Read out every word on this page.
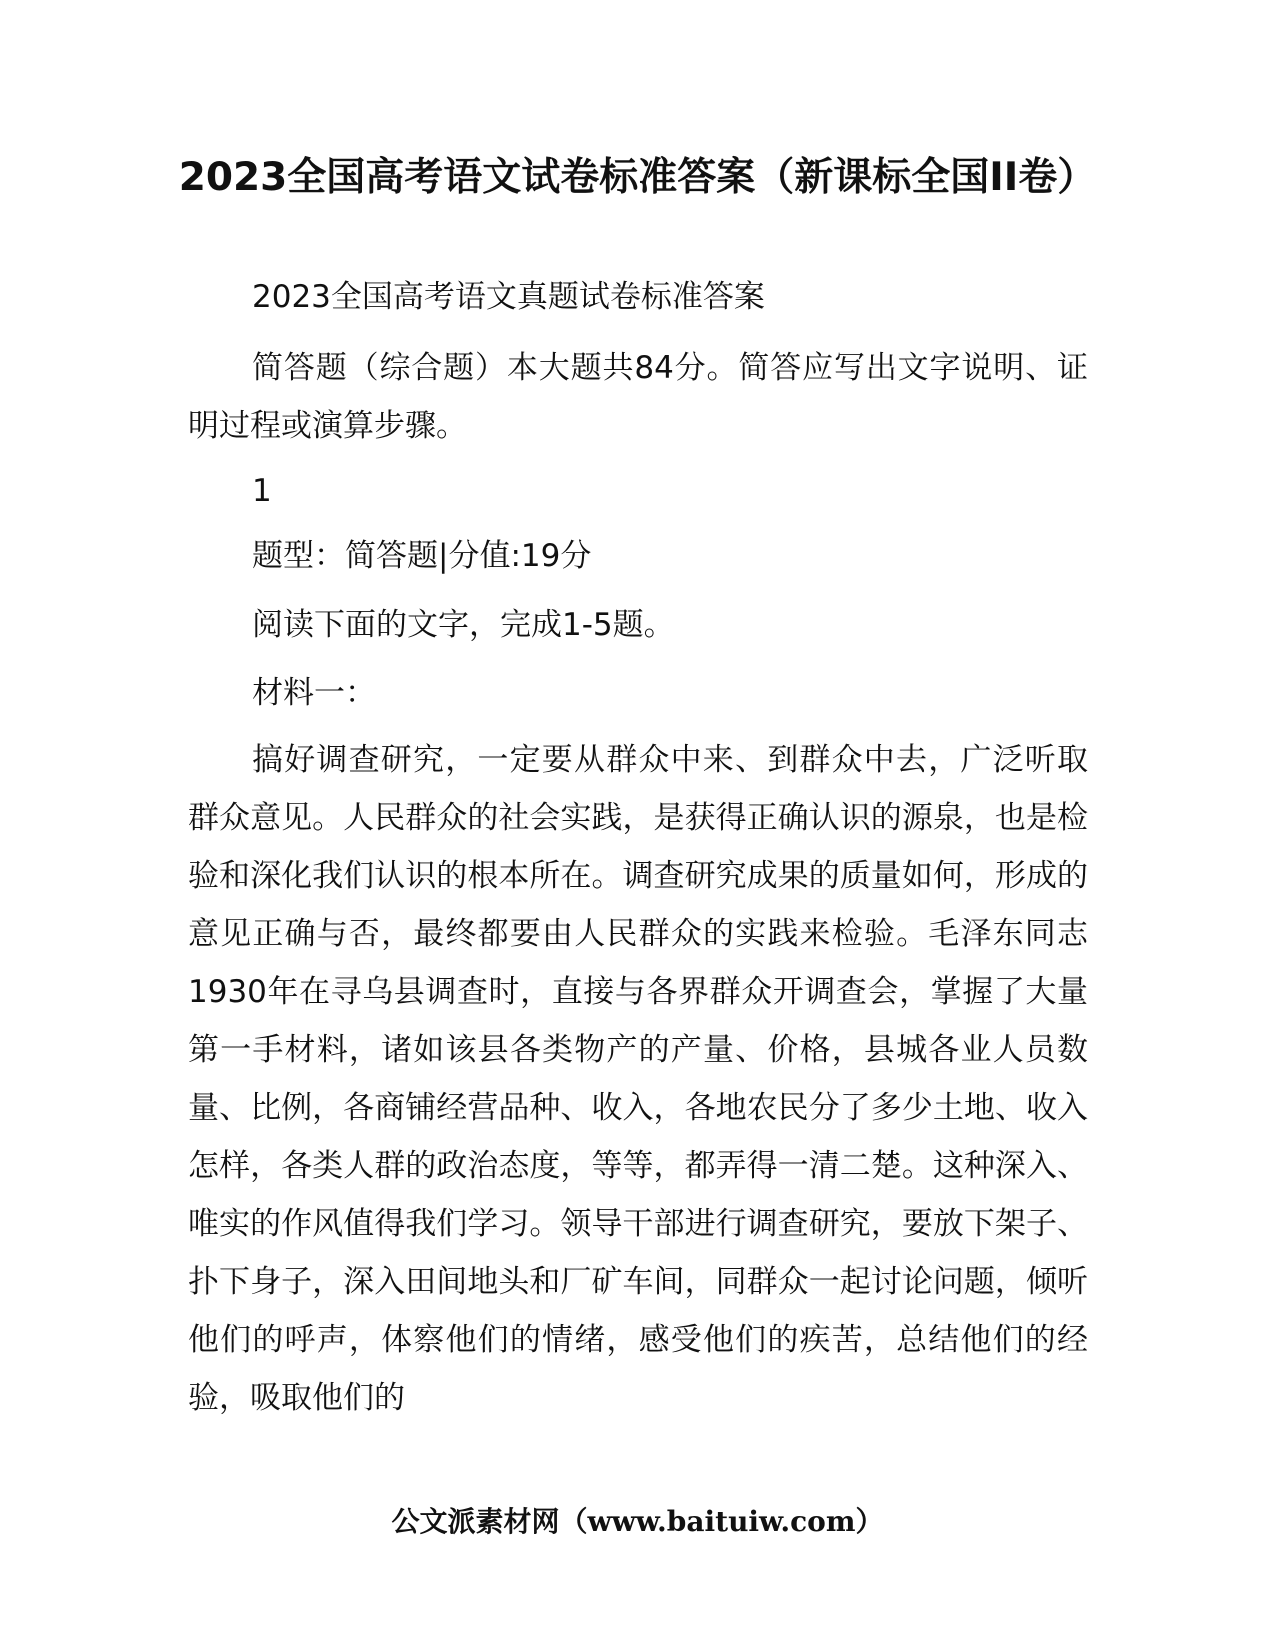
2023全国高考语文试卷标准答案（新课标全国II卷）

2023全国高考语文真题试卷标准答案

简答题（综合题）本大题共84分。简答应写出文字说明、证明过程或演算步骤。

1

题型：简答题|分值:19分

阅读下面的文字，完成1-5题。

材料一：

搞好调查研究，一定要从群众中来、到群众中去，广泛听取群众意见。人民群众的社会实践，是获得正确认识的源泉，也是检验和深化我们认识的根本所在。调查研究成果的质量如何，形成的意见正确与否，最终都要由人民群众的实践来检验。毛泽东同志1930年在寻乌县调查时，直接与各界群众开调查会，掌握了大量第一手材料，诸如该县各类物产的产量、价格，县城各业人员数量、比例，各商铺经营品种、收入，各地农民分了多少土地、收入怎样，各类人群的政治态度，等等，都弄得一清二楚。这种深入、唯实的作风值得我们学习。领导干部进行调查研究，要放下架子、扑下身子，深入田间地头和厂矿车间，同群众一起讨论问题，倾听他们的呼声，体察他们的情绪，感受他们的疾苦，总结他们的经验，吸取他们的

公文派素材网（www.baituiw.com）
